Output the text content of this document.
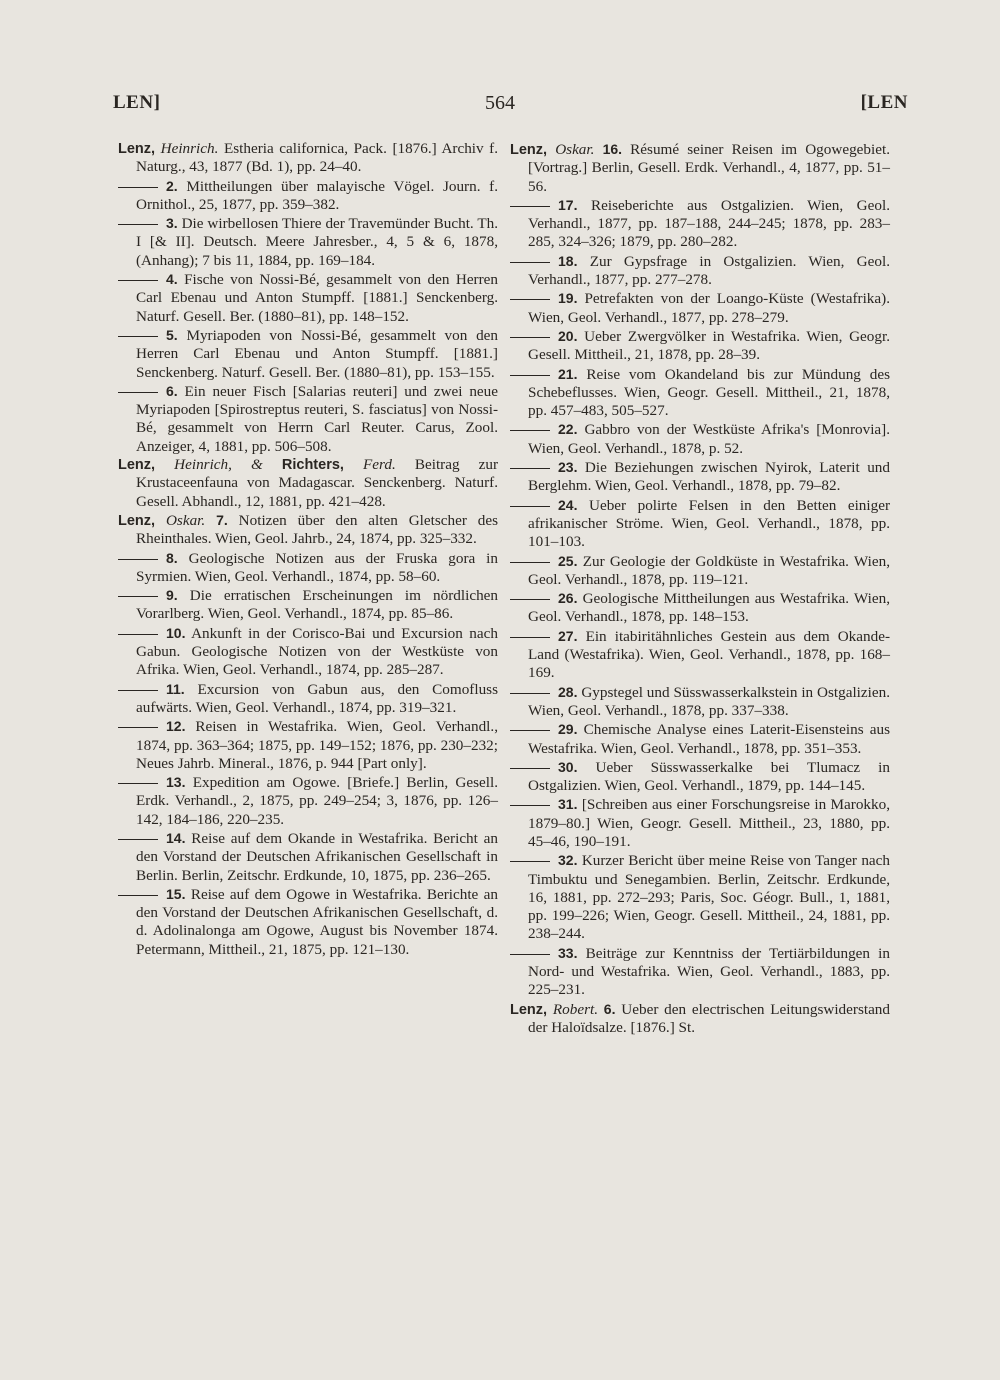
LEN]	564	[LEN

Lenz, Heinrich. Estheria californica, Pack. [1876.] Archiv f. Naturg., 43, 1877 (Bd. 1), pp. 24–40.

2. Mittheilungen über malayische Vögel. Journ. f. Ornithol., 25, 1877, pp. 359–382.

3. Die wirbellosen Thiere der Travemünder Bucht. Th. I [& II]. Deutsch. Meere Jahresber., 4, 5 & 6, 1878, (Anhang); 7 bis 11, 1884, pp. 169–184.

4. Fische von Nossi-Bé, gesammelt von den Herren Carl Ebenau und Anton Stumpff. [1881.] Senckenberg. Naturf. Gesell. Ber. (1880–81), pp. 148–152.

5. Myriapoden von Nossi-Bé, gesammelt von den Herren Carl Ebenau und Anton Stumpff. [1881.] Senckenberg. Naturf. Gesell. Ber. (1880–81), pp. 153–155.

6. Ein neuer Fisch [Salarias reuteri] und zwei neue Myriapoden [Spirostreptus reuteri, S. fasciatus] von Nossi-Bé, gesammelt von Herrn Carl Reuter. Carus, Zool. Anzeiger, 4, 1881, pp. 506–508.

Lenz, Heinrich, & Richters, Ferd. Beitrag zur Krustaceenfauna von Madagascar. Senckenberg. Naturf. Gesell. Abhandl., 12, 1881, pp. 421–428.

Lenz, Oskar. 7. Notizen über den alten Gletscher des Rheinthales. Wien, Geol. Jahrb., 24, 1874, pp. 325–332.

8. Geologische Notizen aus der Fruska gora in Syrmien. Wien, Geol. Verhandl., 1874, pp. 58–60.

9. Die erratischen Erscheinungen im nördlichen Vorarlberg. Wien, Geol. Verhandl., 1874, pp. 85–86.

10. Ankunft in der Corisco-Bai und Excursion nach Gabun. Geologische Notizen von der Westküste von Afrika. Wien, Geol. Verhandl., 1874, pp. 285–287.

11. Excursion von Gabun aus, den Comofluss aufwärts. Wien, Geol. Verhandl., 1874, pp. 319–321.

12. Reisen in Westafrika. Wien, Geol. Verhandl., 1874, pp. 363–364; 1875, pp. 149–152; 1876, pp. 230–232; Neues Jahrb. Mineral., 1876, p. 944 [Part only].

13. Expedition am Ogowe. [Briefe.] Berlin, Gesell. Erdk. Verhandl., 2, 1875, pp. 249–254; 3, 1876, pp. 126–142, 184–186, 220–235.

14. Reise auf dem Okande in Westafrika. Bericht an den Vorstand der Deutschen Afrikanischen Gesellschaft in Berlin. Berlin, Zeitschr. Erdkunde, 10, 1875, pp. 236–265.

15. Reise auf dem Ogowe in Westafrika. Berichte an den Vorstand der Deutschen Afrikanischen Gesellschaft, d. d. Adolinalonga am Ogowe, August bis November 1874. Petermann, Mittheil., 21, 1875, pp. 121–130.

Lenz, Oskar. 16. Résumé seiner Reisen im Ogowegebiet. [Vortrag.] Berlin, Gesell. Erdk. Verhandl., 4, 1877, pp. 51–56.

17. Reiseberichte aus Ostgalizien. Wien, Geol. Verhandl., 1877, pp. 187–188, 244–245; 1878, pp. 283–285, 324–326; 1879, pp. 280–282.

18. Zur Gypsfrage in Ostgalizien. Wien, Geol. Verhandl., 1877, pp. 277–278.

19. Petrefakten von der Loango-Küste (Westafrika). Wien, Geol. Verhandl., 1877, pp. 278–279.

20. Ueber Zwergvölker in Westafrika. Wien, Geogr. Gesell. Mittheil., 21, 1878, pp. 28–39.

21. Reise vom Okandeland bis zur Mündung des Schebeflusses. Wien, Geogr. Gesell. Mittheil., 21, 1878, pp. 457–483, 505–527.

22. Gabbro von der Westküste Afrika's [Monrovia]. Wien, Geol. Verhandl., 1878, p. 52.

23. Die Beziehungen zwischen Nyirok, Laterit und Berglehm. Wien, Geol. Verhandl., 1878, pp. 79–82.

24. Ueber polirte Felsen in den Betten einiger afrikanischer Ströme. Wien, Geol. Verhandl., 1878, pp. 101–103.

25. Zur Geologie der Goldküste in Westafrika. Wien, Geol. Verhandl., 1878, pp. 119–121.

26. Geologische Mittheilungen aus Westafrika. Wien, Geol. Verhandl., 1878, pp. 148–153.

27. Ein itabiritähnliches Gestein aus dem Okande-Land (Westafrika). Wien, Geol. Verhandl., 1878, pp. 168–169.

28. Gypstegel und Süsswasserkalkstein in Ostgalizien. Wien, Geol. Verhandl., 1878, pp. 337–338.

29. Chemische Analyse eines Laterit-Eisensteins aus Westafrika. Wien, Geol. Verhandl., 1878, pp. 351–353.

30. Ueber Süsswasserkalke bei Tlumacz in Ostgalizien. Wien, Geol. Verhandl., 1879, pp. 144–145.

31. [Schreiben aus einer Forschungsreise in Marokko, 1879–80.] Wien, Geogr. Gesell. Mittheil., 23, 1880, pp. 45–46, 190–191.

32. Kurzer Bericht über meine Reise von Tanger nach Timbuktu und Senegambien. Berlin, Zeitschr. Erdkunde, 16, 1881, pp. 272–293; Paris, Soc. Géogr. Bull., 1, 1881, pp. 199–226; Wien, Geogr. Gesell. Mittheil., 24, 1881, pp. 238–244.

33. Beiträge zur Kenntniss der Tertiärbildungen in Nord- und Westafrika. Wien, Geol. Verhandl., 1883, pp. 225–231.

Lenz, Robert. 6. Ueber den electrischen Leitungswiderstand der Haloïdsalze. [1876.] St.
